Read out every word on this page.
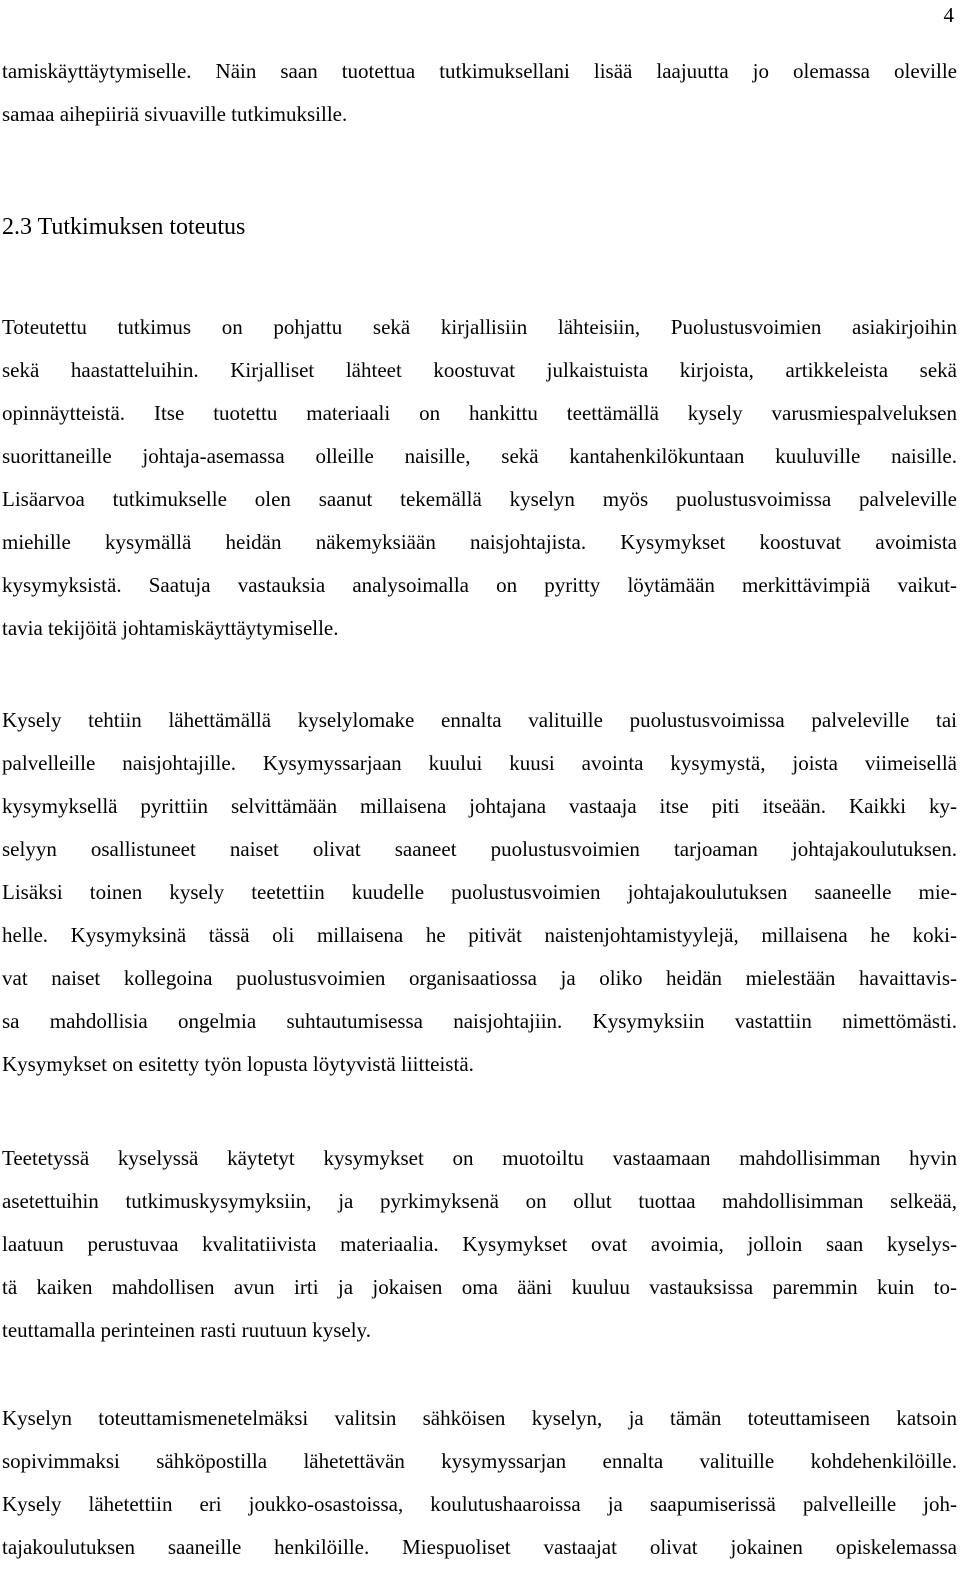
4
tamiskäyttäytymiselle. Näin saan tuotettua tutkimuksellani lisää laajuutta jo olemassa oleville
samaa aihepiiriä sivuaville tutkimuksille.
2.3 Tutkimuksen toteutus
Toteutettu tutkimus on pohjattu sekä kirjallisiin lähteisiin, Puolustusvoimien asiakirjoihin
sekä haastatteluihin. Kirjalliset lähteet koostuvat julkaistuista kirjoista, artikkeleista sekä
opinnäytteistä. Itse tuotettu materiaali on hankittu teettämällä kysely varusmiespalveluksen
suorittaneille johtaja-asemassa olleille naisille, sekä kantahenkilökuntaan kuuluville naisille.
Lisäarvoa tutkimukselle olen saanut tekemällä kyselyn myös puolustusvoimissa palveleville
miehille kysymällä heidän näkemyksiään naisjohtajista. Kysymykset koostuvat avoimista
kysymyksistä. Saatuja vastauksia analysoimalla on pyritty löytämään merkittävimpiä vaikut-
tavia tekijöitä johtamiskäyttäytymiselle.
Kysely tehtiin lähettämällä kyselylomake ennalta valituille puolustusvoimissa palveleville tai
palvelleille naisjohtajille. Kysymyssarjaan kuului kuusi avointa kysymystä, joista viimeisellä
kysymyksellä pyrittiin selvittämään millaisena johtajana vastaaja itse piti itseään. Kaikki ky-
selyyn osallistuneet naiset olivat saaneet puolustusvoimien tarjoaman johtajakoulutuksen.
Lisäksi toinen kysely teetettiin kuudelle puolustusvoimien johtajakoulutuksen saaneelle mie-
helle. Kysymyksinä tässä oli millaisena he pitivät naistenjohtamistyylejä, millaisena he koki-
vat naiset kollegoina puolustusvoimien organisaatiossa ja oliko heidän mielestään havaittavis-
sa mahdollisia ongelmia suhtautumisessa naisjohtajiin. Kysymyksiin vastattiin nimettömästi.
Kysymykset on esitetty työn lopusta löytyvistä liitteistä.
Teetetyssä kyselyssä käytetyt kysymykset on muotoiltu vastaamaan mahdollisimman hyvin
asetettuihin tutkimuskysymyksiin, ja pyrkimyksenä on ollut tuottaa mahdollisimman selkeää,
laatuun perustuvaa kvalitatiivista materiaalia. Kysymykset ovat avoimia, jolloin saan kyselys-
tä kaiken mahdollisen avun irti ja jokaisen oma ääni kuuluu vastauksissa paremmin kuin to-
teuttamalla perinteinen rasti ruutuun kysely.
Kyselyn toteuttamismenetelmäksi valitsin sähköisen kyselyn, ja tämän toteuttamiseen katsoin
sopivimmaksi sähköpostilla lähetettävän kysymyssarjan ennalta valituille kohdehenkilöille.
Kysely lähetettiin eri joukko-osastoissa, koulutushaaroissa ja saapumiserissä palvelleille joh-
tajakoulutuksen saaneille henkilöille. Miespuoliset vastaajat olivat jokainen opiskelemassa
